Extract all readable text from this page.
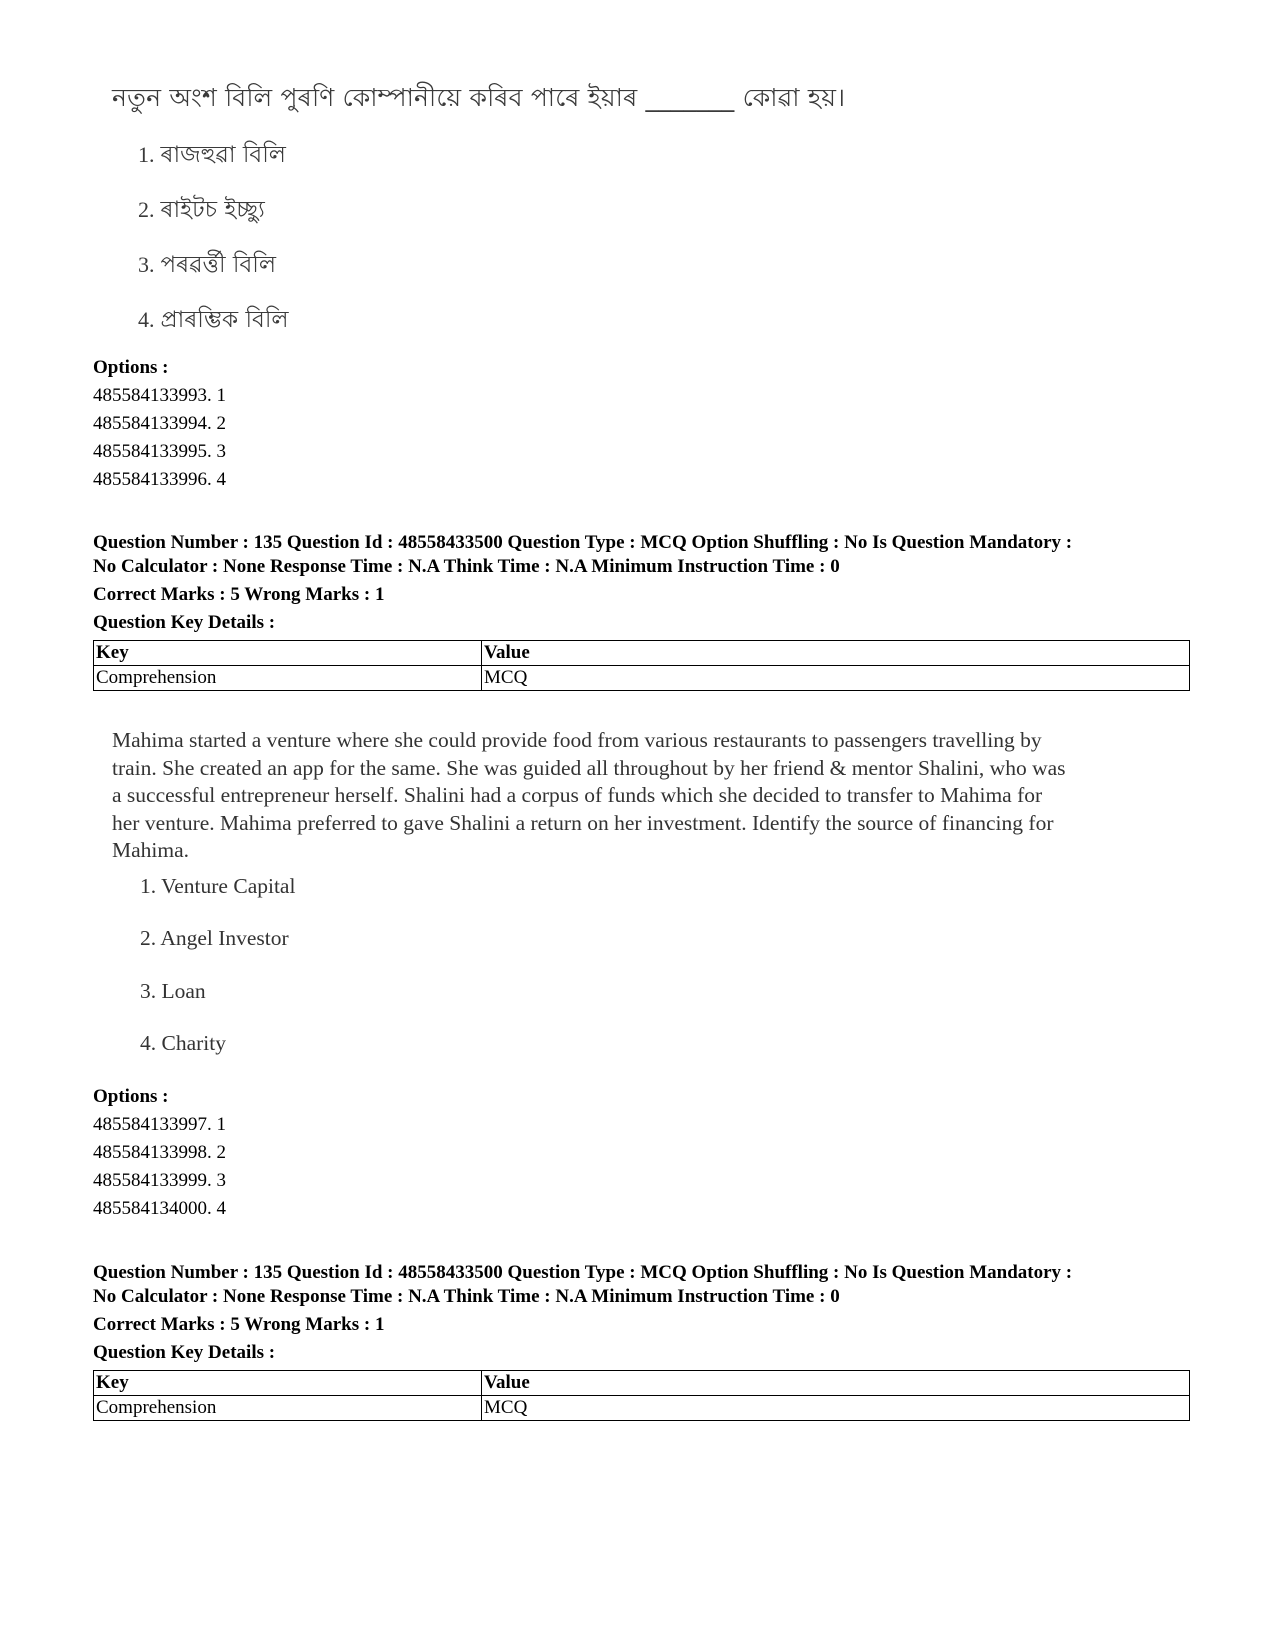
নতুন অংশ বিলি পুৰণি কোম্পানীয়ে কৰিব পাৰে ইয়াৰ _______ কোৱা হয়।
1. ৰাজহুৱা বিলি
2. ৰাইটচ ইচ্ছ্যু
3. পৰৱৰ্ত্তী বিলি
4. প্ৰাৰম্ভিক বিলি
Options :
485584133993. 1
485584133994. 2
485584133995. 3
485584133996. 4
Question Number : 135 Question Id : 48558433500 Question Type : MCQ Option Shuffling : No Is Question Mandatory :
No Calculator : None Response Time : N.A Think Time : N.A Minimum Instruction Time : 0
Correct Marks : 5 Wrong Marks : 1
Question Key Details :
Key	Value
Comprehension	MCQ
Mahima started a venture where she could provide food from various restaurants to passengers travelling by
train. She created an app for the same. She was guided all throughout by her friend & mentor Shalini, who was
a successful entrepreneur herself. Shalini had a corpus of funds which she decided to transfer to Mahima for
her venture. Mahima preferred to gave Shalini a return on her investment. Identify the source of financing for
Mahima.
1. Venture Capital
2. Angel Investor
3. Loan
4. Charity
Options :
485584133997. 1
485584133998. 2
485584133999. 3
485584134000. 4
Question Number : 135 Question Id : 48558433500 Question Type : MCQ Option Shuffling : No Is Question Mandatory :
No Calculator : None Response Time : N.A Think Time : N.A Minimum Instruction Time : 0
Correct Marks : 5 Wrong Marks : 1
Question Key Details :
Key	Value
Comprehension	MCQ
